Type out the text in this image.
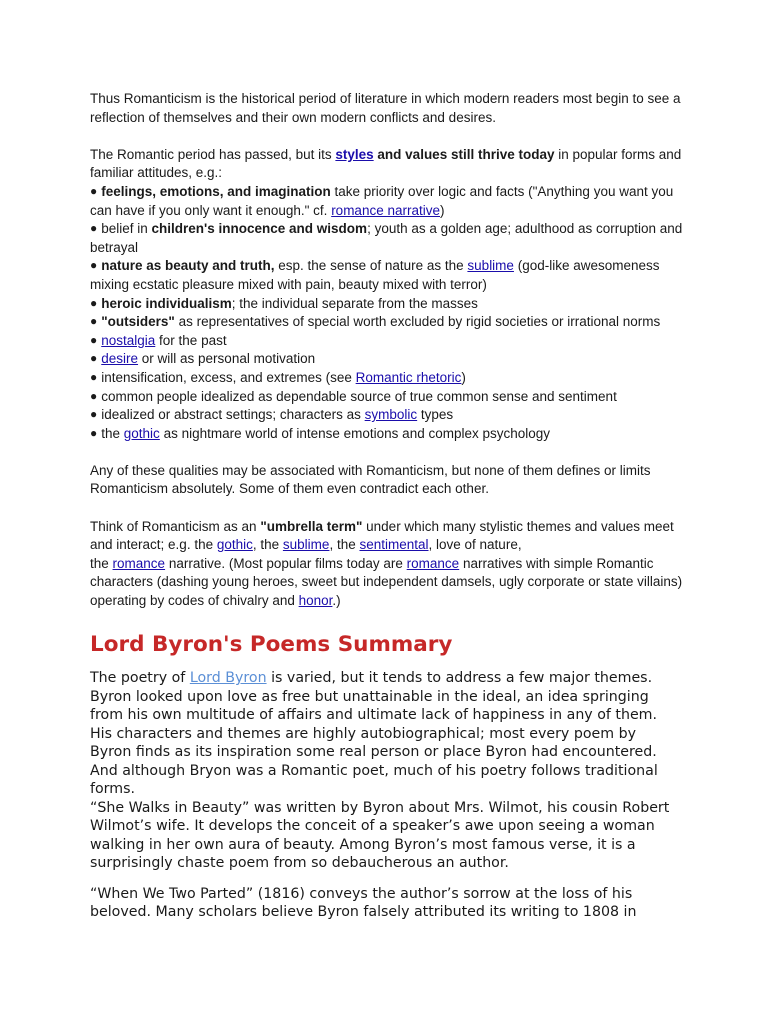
Thus Romanticism is the historical period of literature in which modern readers most begin to see a reflection of themselves and their own modern conflicts and desires.

The Romantic period has passed, but its styles and values still thrive today in popular forms and familiar attitudes, e.g.:

● feelings, emotions, and imagination take priority over logic and facts ("Anything you want you can have if you only want it enough." cf. romance narrative)

● belief in children's innocence and wisdom; youth as a golden age; adulthood as corruption and betrayal

● nature as beauty and truth, esp. the sense of nature as the sublime (god-like awesomeness mixing ecstatic pleasure mixed with pain, beauty mixed with terror)

● heroic individualism; the individual separate from the masses

● "outsiders" as representatives of special worth excluded by rigid societies or irrational norms

● nostalgia for the past

● desire or will as personal motivation

● intensification, excess, and extremes (see Romantic rhetoric)

● common people idealized as dependable source of true common sense and sentiment

● idealized or abstract settings; characters as symbolic types

● the gothic as nightmare world of intense emotions and complex psychology

Any of these qualities may be associated with Romanticism, but none of them defines or limits Romanticism absolutely. Some of them even contradict each other.

Think of Romanticism as an "umbrella term" under which many stylistic themes and values meet and interact; e.g. the gothic, the sublime, the sentimental, love of nature,
the romance narrative. (Most popular films today are romance narratives with simple Romantic characters (dashing young heroes, sweet but independent damsels, ugly corporate or state villains) operating by codes of chivalry and honor.)

Lord Byron's Poems Summary

The poetry of Lord Byron is varied, but it tends to address a few major themes. Byron looked upon love as free but unattainable in the ideal, an idea springing from his own multitude of affairs and ultimate lack of happiness in any of them. His characters and themes are highly autobiographical; most every poem by Byron finds as its inspiration some real person or place Byron had encountered. And although Bryon was a Romantic poet, much of his poetry follows traditional forms.

“She Walks in Beauty” was written by Byron about Mrs. Wilmot, his cousin Robert Wilmot’s wife. It develops the conceit of a speaker’s awe upon seeing a woman walking in her own aura of beauty. Among Byron’s most famous verse, it is a surprisingly chaste poem from so debaucherous an author.

“When We Two Parted” (1816) conveys the author’s sorrow at the loss of his beloved. Many scholars believe Byron falsely attributed its writing to 1808 in
